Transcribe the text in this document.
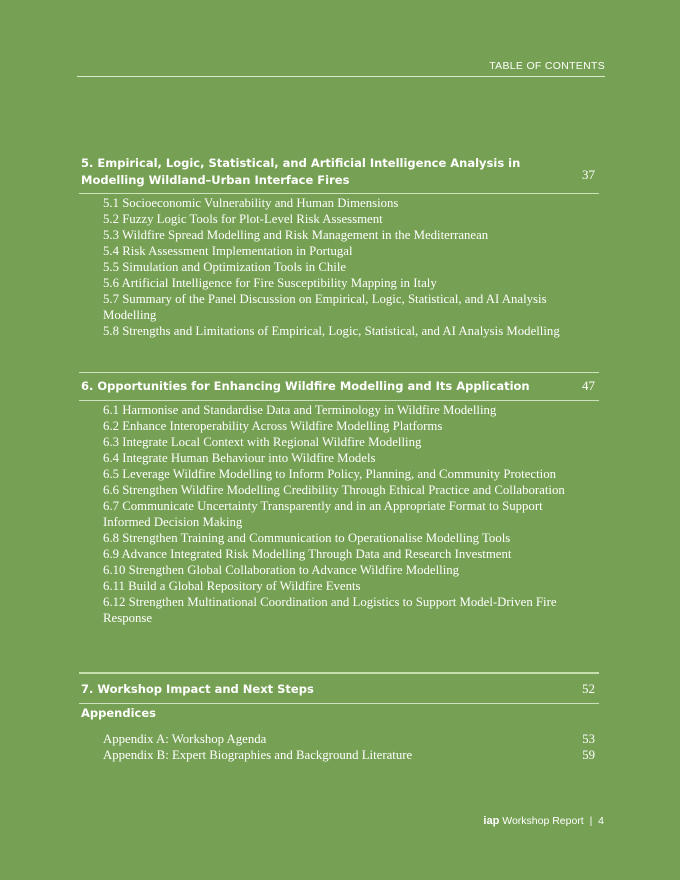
TABLE OF CONTENTS
5. Empirical, Logic, Statistical, and Artificial Intelligence Analysis in Modelling Wildland–Urban Interface Fires	37
5.1 Socioeconomic Vulnerability and Human Dimensions
5.2 Fuzzy Logic Tools for Plot-Level Risk Assessment
5.3 Wildfire Spread Modelling and Risk Management in the Mediterranean
5.4 Risk Assessment Implementation in Portugal
5.5 Simulation and Optimization Tools in Chile
5.6 Artificial Intelligence for Fire Susceptibility Mapping in Italy
5.7 Summary of the Panel Discussion on Empirical, Logic, Statistical, and AI Analysis Modelling
5.8 Strengths and Limitations of Empirical, Logic, Statistical, and AI Analysis Modelling
6. Opportunities for Enhancing Wildfire Modelling and Its Application	47
6.1 Harmonise and Standardise Data and Terminology in Wildfire Modelling
6.2 Enhance Interoperability Across Wildfire Modelling Platforms
6.3 Integrate Local Context with Regional Wildfire Modelling
6.4 Integrate Human Behaviour into Wildfire Models
6.5 Leverage Wildfire Modelling to Inform Policy, Planning, and Community Protection
6.6 Strengthen Wildfire Modelling Credibility Through Ethical Practice and Collaboration
6.7 Communicate Uncertainty Transparently and in an Appropriate Format to Support Informed Decision Making
6.8 Strengthen Training and Communication to Operationalise Modelling Tools
6.9 Advance Integrated Risk Modelling Through Data and Research Investment
6.10 Strengthen Global Collaboration to Advance Wildfire Modelling
6.11 Build a Global Repository of Wildfire Events
6.12 Strengthen Multinational Coordination and Logistics to Support Model-Driven Fire Response
7. Workshop Impact and Next Steps	52
Appendices
Appendix A: Workshop Agenda	53
Appendix B: Expert Biographies and Background Literature	59
iap Workshop Report | 4
